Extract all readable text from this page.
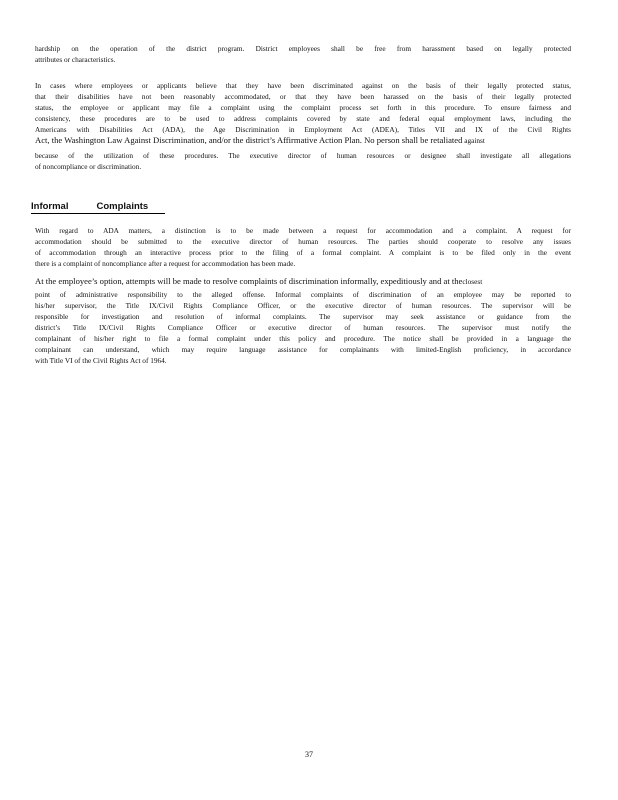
hardship on the operation of the district program. District employees shall be free from harassment based on legally protected

attributes or characteristics.

In cases where employees or applicants believe that they have been discriminated against on the basis of their legally protected status,

that their disabilities have not been reasonably accommodated, or that they have been harassed on the basis of their legally protected

status, the employee or applicant may file a complaint using the complaint process set forth in this procedure. To ensure fairness and

consistency, these procedures are to be used to address complaints covered by state and federal equal employment laws, including the

Americans with Disabilities Act (ADA), the Age Discrimination in Employment Act (ADEA), Titles VII and IX of the Civil Rights

Act, the Washington Law Against Discrimination, and/or the district’s Affirmative Action Plan. No person shall be retaliated against

because of the utilization of these procedures. The executive director of human resources or designee shall investigate all allegations

of noncompliance or discrimination.

Informal	Complaints

With regard to ADA matters, a distinction is to be made between a request for accommodation and a complaint. A request for

accommodation should be submitted to the executive director of human resources. The parties should cooperate to resolve any issues

of accommodation through an interactive process prior to the filing of a formal complaint. A complaint is to be filed only in the event

there is a complaint of noncompliance after a request for accommodation has been made.

At the employee’s option, attempts will be made to resolve complaints of discrimination informally, expeditiously and at theclosest

point of administrative responsibility to the alleged offense. Informal complaints of discrimination of an employee may be reported to

his/her supervisor, the Title IX/Civil Rights Compliance Officer, or the executive director of human resources. The supervisor will be

responsible for investigation and resolution of informal complaints. The supervisor may seek assistance or guidance from the

district’s Title IX/Civil Rights Compliance Officer or executive director of human resources. The supervisor must notify the

complainant of his/her right to file a formal complaint under this policy and procedure. The notice shall be provided in a language the

complainant can understand, which may require language assistance for complainants with limited-English proficiency, in accordance

with Title VI of the Civil Rights Act of 1964.

37
